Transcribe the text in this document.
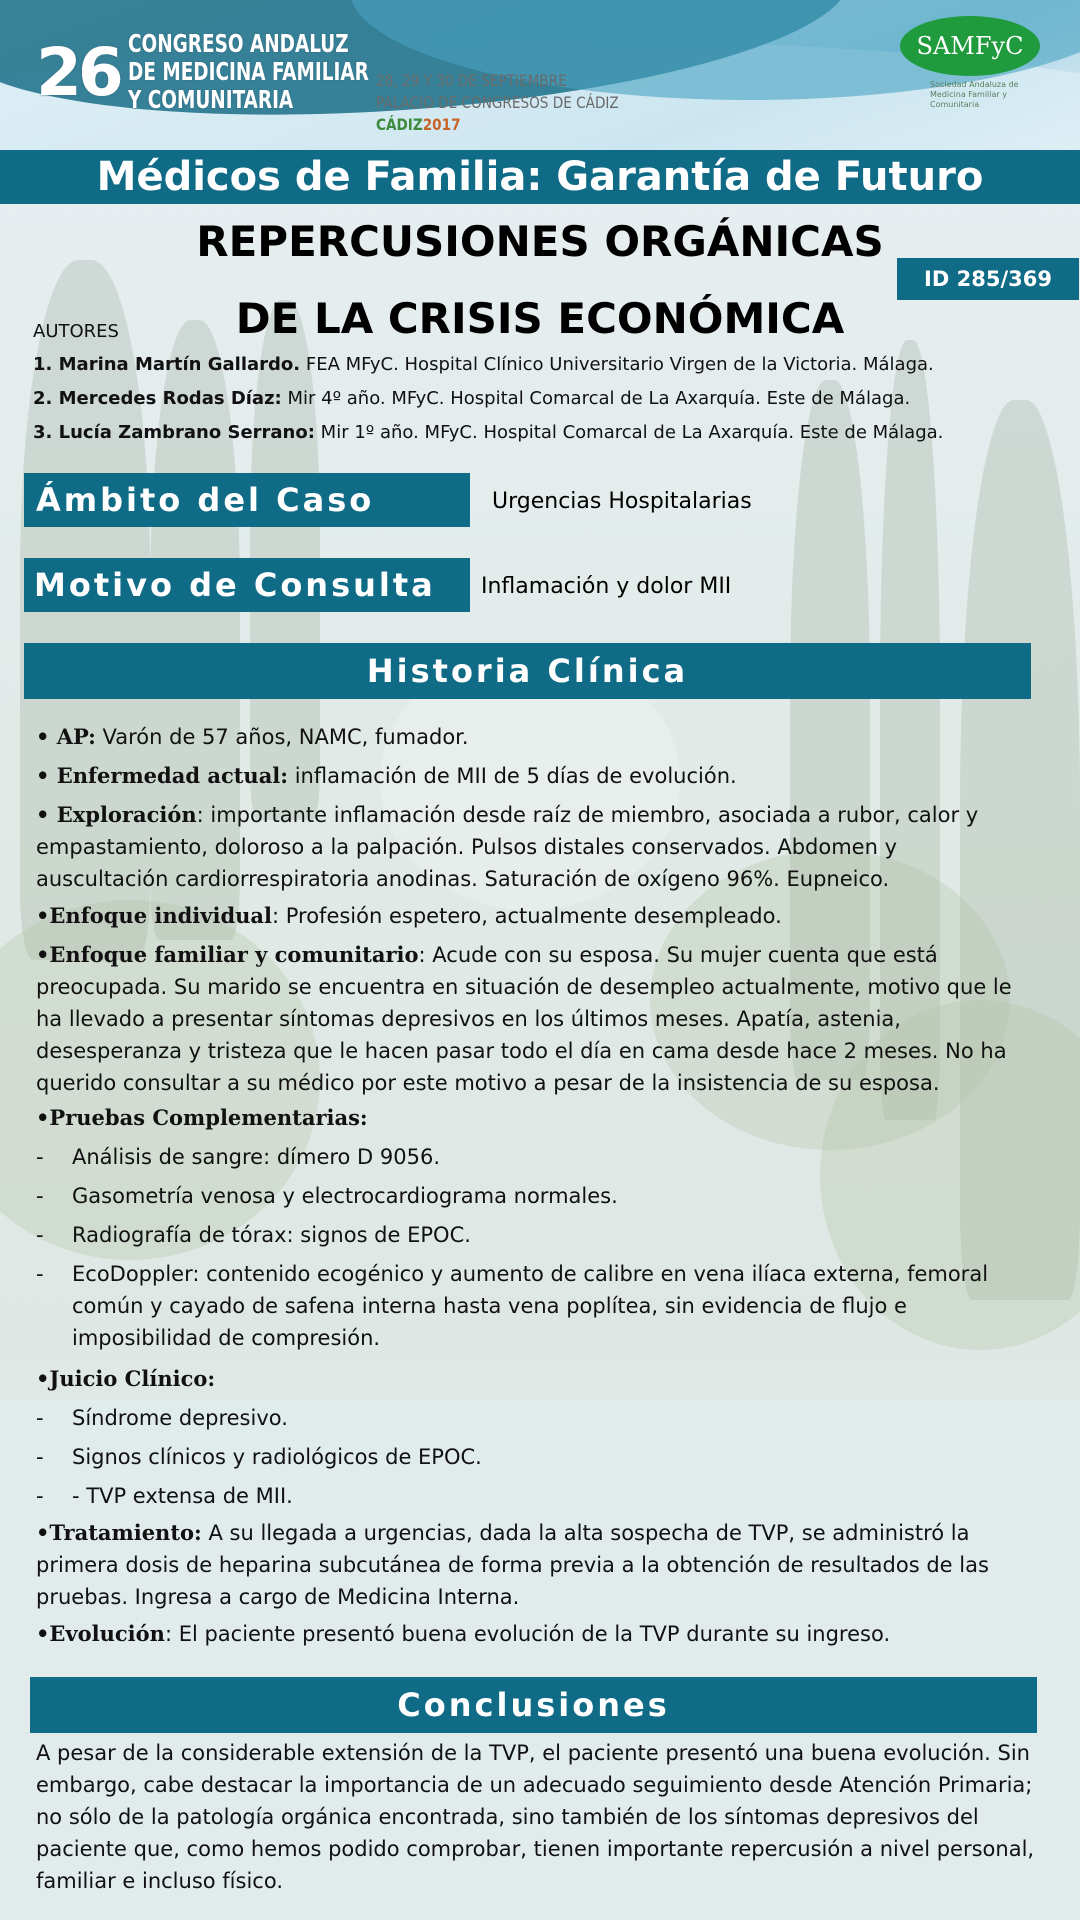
26 CONGRESO ANDALUZ
DE MEDICINA FAMILIAR
Y COMUNITARIA
28, 29 Y 30 DE SEPTIEMBRE
PALACIO DE CONGRESOS DE CÁDIZ
CÁDIZ2017
SAMFyC
Sociedad Andaluza de Medicina Familiar y Comunitaria
Médicos de Familia: Garantía de Futuro
REPERCUSIONES ORGÁNICAS
DE LA CRISIS ECONÓMICA
ID 285/369
AUTORES
1. Marina Martín Gallardo. FEA MFyC. Hospital Clínico Universitario Virgen de la Victoria. Málaga.
2. Mercedes Rodas Díaz: Mir 4º año. MFyC. Hospital Comarcal de La Axarquía. Este de Málaga.
3. Lucía Zambrano Serrano: Mir 1º año. MFyC. Hospital Comarcal de La Axarquía. Este de Málaga.
Ámbito del Caso	Urgencias Hospitalarias
Motivo de Consulta	Inflamación y dolor MII
Historia Clínica
• AP: Varón de 57 años, NAMC, fumador.
• Enfermedad actual: inflamación de MII de 5 días de evolución.
• Exploración: importante inflamación desde raíz de miembro, asociada a rubor, calor y empastamiento, doloroso a la palpación. Pulsos distales conservados. Abdomen y auscultación cardiorrespiratoria anodinas. Saturación de oxígeno 96%. Eupneico.
•Enfoque individual: Profesión espetero, actualmente desempleado.
•Enfoque familiar y comunitario: Acude con su esposa. Su mujer cuenta que está preocupada. Su marido se encuentra en situación de desempleo actualmente, motivo que le ha llevado a presentar síntomas depresivos en los últimos meses. Apatía, astenia, desesperanza y tristeza que le hacen pasar todo el día en cama desde hace 2 meses. No ha querido consultar a su médico por este motivo a pesar de la insistencia de su esposa.
•Pruebas Complementarias:
- Análisis de sangre: dímero D 9056.
- Gasometría venosa y electrocardiograma normales.
- Radiografía de tórax: signos de EPOC.
- EcoDoppler: contenido ecogénico y aumento de calibre en vena ilíaca externa, femoral común y cayado de safena interna hasta vena poplítea, sin evidencia de flujo e imposibilidad de compresión.
•Juicio Clínico:
- Síndrome depresivo.
- Signos clínicos y radiológicos de EPOC.
- - TVP extensa de MII.
•Tratamiento: A su llegada a urgencias, dada la alta sospecha de TVP, se administró la primera dosis de heparina subcutánea de forma previa a la obtención de resultados de las pruebas. Ingresa a cargo de Medicina Interna.
•Evolución: El paciente presentó buena evolución de la TVP durante su ingreso.
Conclusiones
A pesar de la considerable extensión de la TVP, el paciente presentó una buena evolución. Sin embargo, cabe destacar la importancia de un adecuado seguimiento desde Atención Primaria; no sólo de la patología orgánica encontrada, sino también de los síntomas depresivos del paciente que, como hemos podido comprobar, tienen importante repercusión a nivel personal, familiar e incluso físico.
